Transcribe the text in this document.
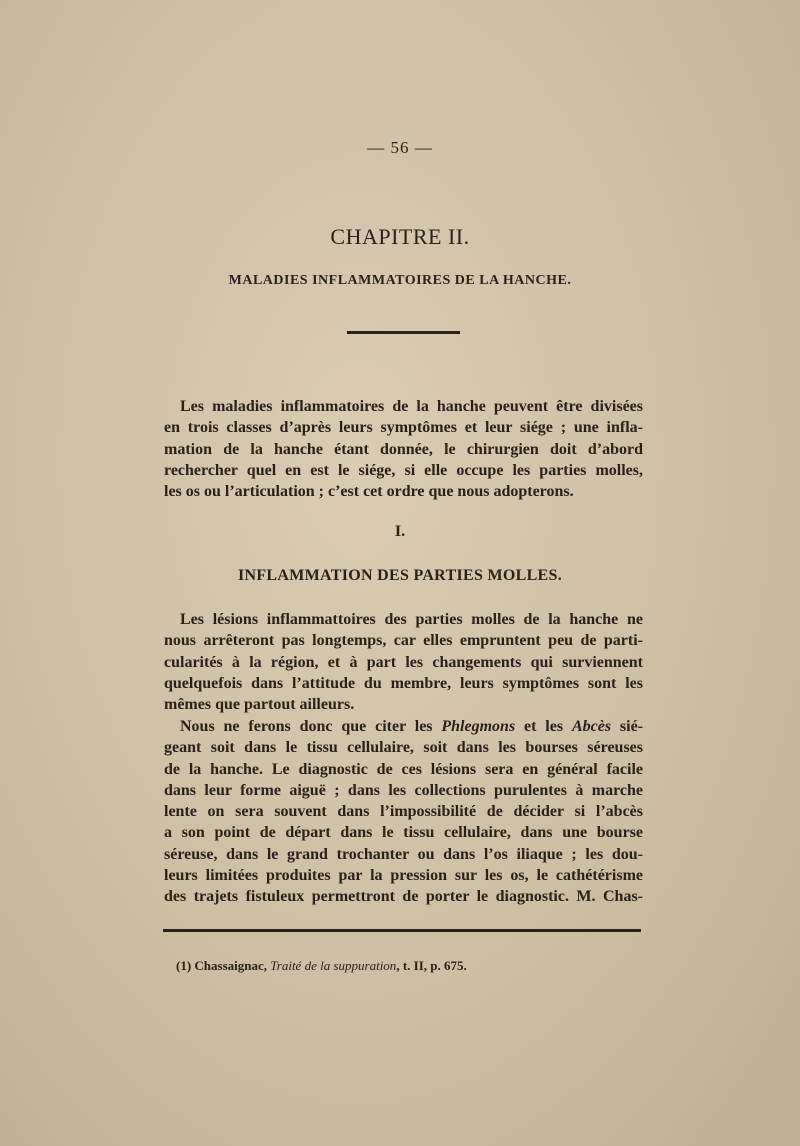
— 56 —
CHAPITRE II.
MALADIES INFLAMMATOIRES DE LA HANCHE.
Les maladies inflammatoires de la hanche peuvent être divisées
en trois classes d’après leurs symptômes et leur siége ; une infla-
mation de la hanche étant donnée, le chirurgien doit d’abord
rechercher quel en est le siége, si elle occupe les parties molles,
les os ou l’articulation ; c’est cet ordre que nous adopterons.
I.
INFLAMMATION DES PARTIES MOLLES.
Les lésions inflammattoires des parties molles de la hanche ne
nous arrêteront pas longtemps, car elles empruntent peu de parti-
cularités à la région, et à part les changements qui surviennent
quelquefois dans l’attitude du membre, leurs symptômes sont les
mêmes que partout ailleurs.
Nous ne ferons donc que citer les Phlegmons et les Abcès sié-
geant soit dans le tissu cellulaire, soit dans les bourses séreuses
de la hanche. Le diagnostic de ces lésions sera en général facile
dans leur forme aiguë ; dans les collections purulentes à marche
lente on sera souvent dans l’impossibilité de décider si l’abcès
a son point de départ dans le tissu cellulaire, dans une bourse
séreuse, dans le grand trochanter ou dans l’os iliaque ; les dou-
leurs limitées produites par la pression sur les os, le cathétérisme
des trajets fistuleux permettront de porter le diagnostic. M. Chas-
(1) Chassaignac, Traité de la suppuration, t. II, p. 675.
